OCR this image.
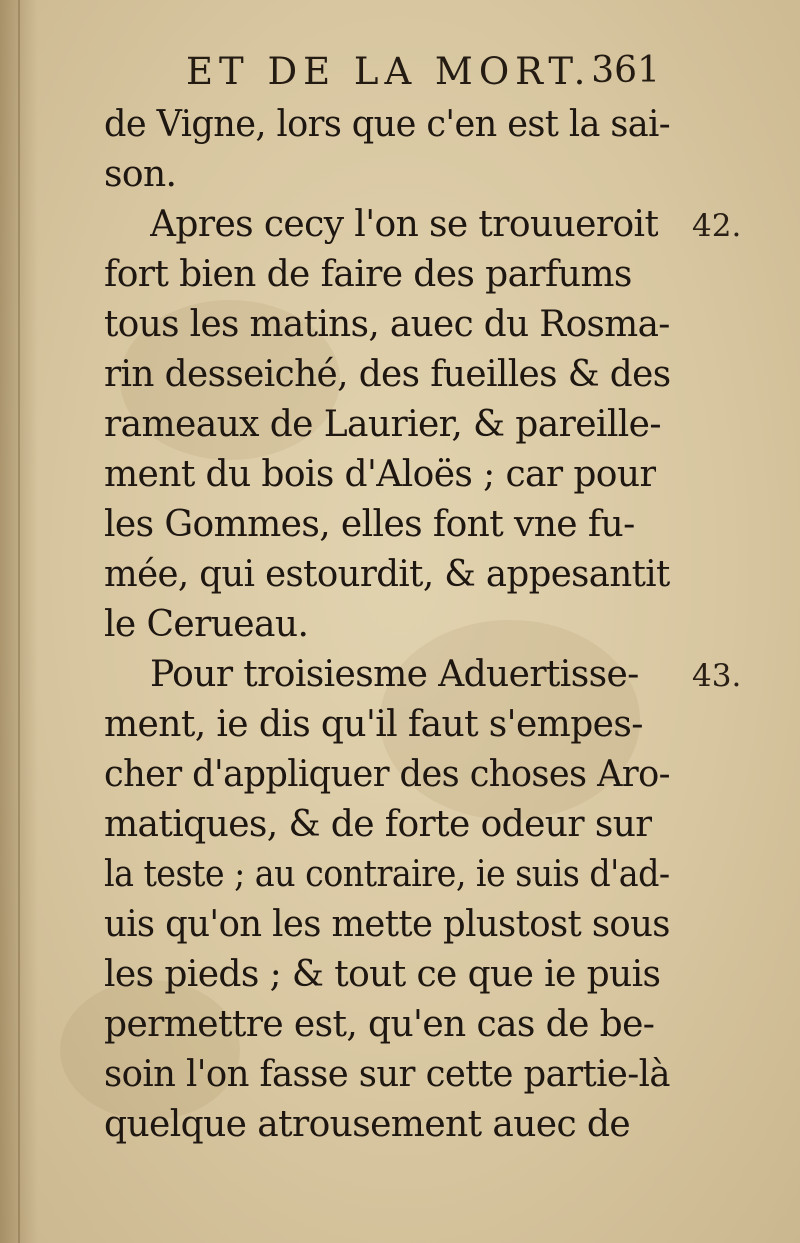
ET DE LA MORT. 361
de Vigne, lors que c'en est la sai-
son.
Apres cecy l'on se trouueroit
fort bien de faire des parfums
tous les matins, auec du Rosma-
rin desseiché, des fueilles & des
rameaux de Laurier, & pareille-
ment du bois d'Aloës ; car pour
les Gommes, elles font vne fu-
mée, qui estourdit, & appesantit
le Cerueau.
Pour troisiesme Aduertisse-
ment, ie dis qu'il faut s'empes-
cher d'appliquer des choses Aro-
matiques, & de forte odeur sur
la teste ; au contraire, ie suis d'ad-
uis qu'on les mette plustost sous
les pieds ; & tout ce que ie puis
permettre est, qu'en cas de be-
soin l'on fasse sur cette partie-là
quelque atrousement auec de
42.
43.
